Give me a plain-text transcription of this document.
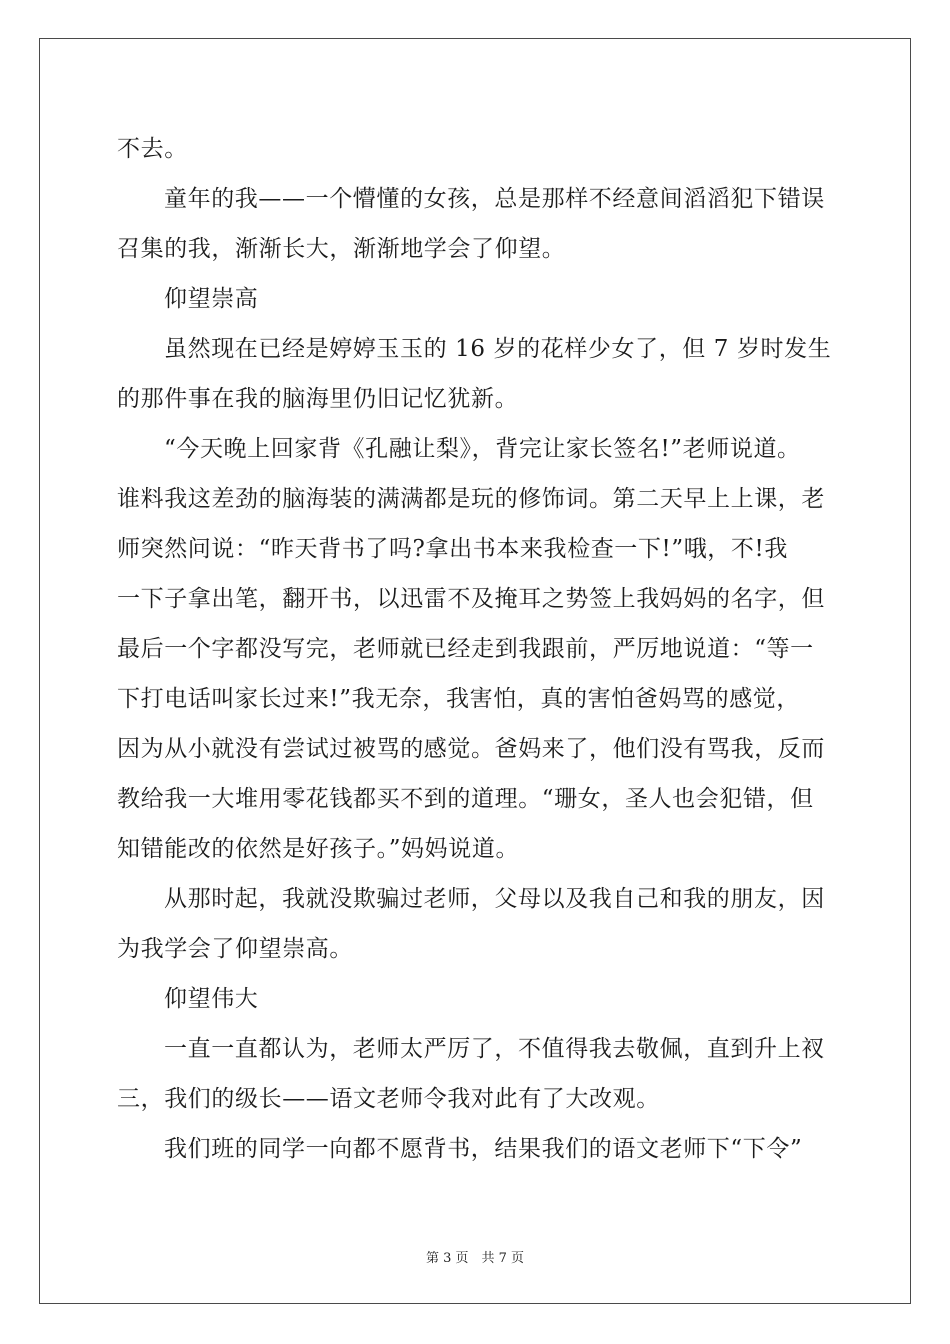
不去。
童年的我——一个懵懂的女孩，总是那样不经意间滔滔犯下错误
召集的我，渐渐长大，渐渐地学会了仰望。
仰望崇高
虽然现在已经是婷婷玉玉的 16 岁的花样少女了，但 7 岁时发生
的那件事在我的脑海里仍旧记忆犹新。
“今天晚上回家背《孔融让梨》，背完让家长签名!”老师说道。
谁料我这差劲的脑海装的满满都是玩的修饰词。第二天早上上课，老
师突然问说：“昨天背书了吗?拿出书本来我检查一下!”哦，不!我
一下子拿出笔，翻开书，以迅雷不及掩耳之势签上我妈妈的名字，但
最后一个字都没写完，老师就已经走到我跟前，严厉地说道：“等一
下打电话叫家长过来!”我无奈，我害怕，真的害怕爸妈骂的感觉，
因为从小就没有尝试过被骂的感觉。爸妈来了，他们没有骂我，反而
教给我一大堆用零花钱都买不到的道理。“珊女，圣人也会犯错，但
知错能改的依然是好孩子。”妈妈说道。
从那时起，我就没欺骗过老师，父母以及我自己和我的朋友，因
为我学会了仰望崇高。
仰望伟大
一直一直都认为，老师太严厉了，不值得我去敬佩，直到升上衩
三，我们的级长——语文老师令我对此有了大改观。
我们班的同学一向都不愿背书，结果我们的语文老师下“下令”
第 3 页　共 7 页
